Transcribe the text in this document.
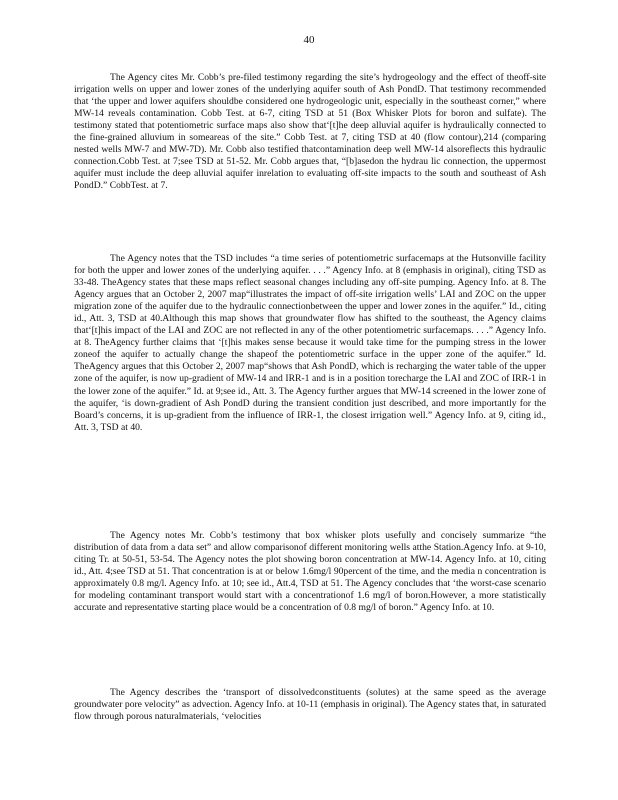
40

The Agency cites Mr. Cobb’s pre-filed testimony regarding the site’s hydrogeology and the effect of theoff-site irrigation wells on upper and lower zones of the underlying aquifer south of Ash PondD. That testimony recommended that ‘the upper and lower aquifers shouldbe considered one hydrogeologic unit, especially in the southeast corner,” where MW-14 reveals contamination. Cobb Test. at 6-7, citing TSD at 51 (Box Whisker Plots for boron and sulfate). The testimony stated that potentiometric surface maps also show that‘[t]he deep alluvial aquifer is hydraulically connected to the fine-grained alluvium in someareas of the site.” Cobb Test. at 7, citing TSD at 40 (flow contour),214 (comparing nested wells MW-7 and MW-7D). Mr. Cobb also testified thatcontamination deep well MW-14 alsoreflects this hydraulic connection.Cobb Test. at 7;see TSD at 51-52. Mr. Cobb argues that, “[b]asedon the hydrau lic connection, the uppermost aquifer must include the deep alluvial aquifer inrelation to evaluating off-site impacts to the south and southeast of Ash PondD.” CobbTest. at 7.

The Agency notes that the TSD includes “a time series of potentiometric surfacemaps at the Hutsonville facility for both the upper and lower zones of the underlying aquifer. . . .” Agency Info. at 8 (emphasis in original), citing TSD as 33-48. TheAgency states that these maps reflect seasonal changes including any off-site pumping. Agency Info. at 8. The Agency argues that an October 2, 2007 map“illustrates the impact of off-site irrigation wells’ LAI and ZOC on the upper migration zone of the aquifer due to the hydraulic connectionbetween the upper and lower zones in the aquifer.” Id., citing id., Att. 3, TSD at 40.Although this map shows that groundwater flow has shifted to the southeast, the Agency claims that‘[t]his impact of the LAI and ZOC are not reflected in any of the other potentiometric surfacemaps. . . .” Agency Info. at 8. TheAgency further claims that ‘[t]his makes sense because it would take time for the pumping stress in the lower zoneof the aquifer to actually change the shapeof the potentiometric surface in the upper zone of the aquifer.” Id. TheAgency argues that this October 2, 2007 map“shows that Ash PondD, which is recharging the water table of the upper zone of the aquifer, is now up-gradient of MW-14 and IRR-1 and is in a position torecharge the LAI and ZOC of IRR-1 in the lower zone of the aquifer.” Id. at 9;see id., Att. 3. The Agency further argues that MW-14 screened in the lower zone of the aquifer, ‘is down-gradient of Ash PondD during the transient condition just described, and more importantly for the Board’s concerns, it is up-gradient from the influence of IRR-1, the closest irrigation well.” Agency Info. at 9, citing id., Att. 3, TSD at 40.

The Agency notes Mr. Cobb’s testimony that box whisker plots usefully and concisely summarize “the distribution of data from a data set” and allow comparisonof different monitoring wells atthe Station.Agency Info. at 9-10, citing Tr. at 50-51, 53-54. The Agency notes the plot showing boron concentration at MW-14. Agency Info. at 10, citing id., Att. 4;see TSD at 51. That concentration is at or below 1.6mg/l 90percent of the time, and the media n concentration is approximately 0.8 mg/l. Agency Info. at 10; see id., Att.4, TSD at 51. The Agency concludes that ‘the worst-case scenario for modeling contaminant transport would start with a concentrationof 1.6 mg/l of boron.However, a more statistically accurate and representative starting place would be a concentration of 0.8 mg/l of boron.” Agency Info. at 10.

The Agency describes the ‘transport of dissolvedconstituents (solutes) at the same speed as the average groundwater pore velocity” as advection. Agency Info. at 10-11 (emphasis in original). The Agency states that, in saturated flow through porous naturalmaterials, ‘velocities
